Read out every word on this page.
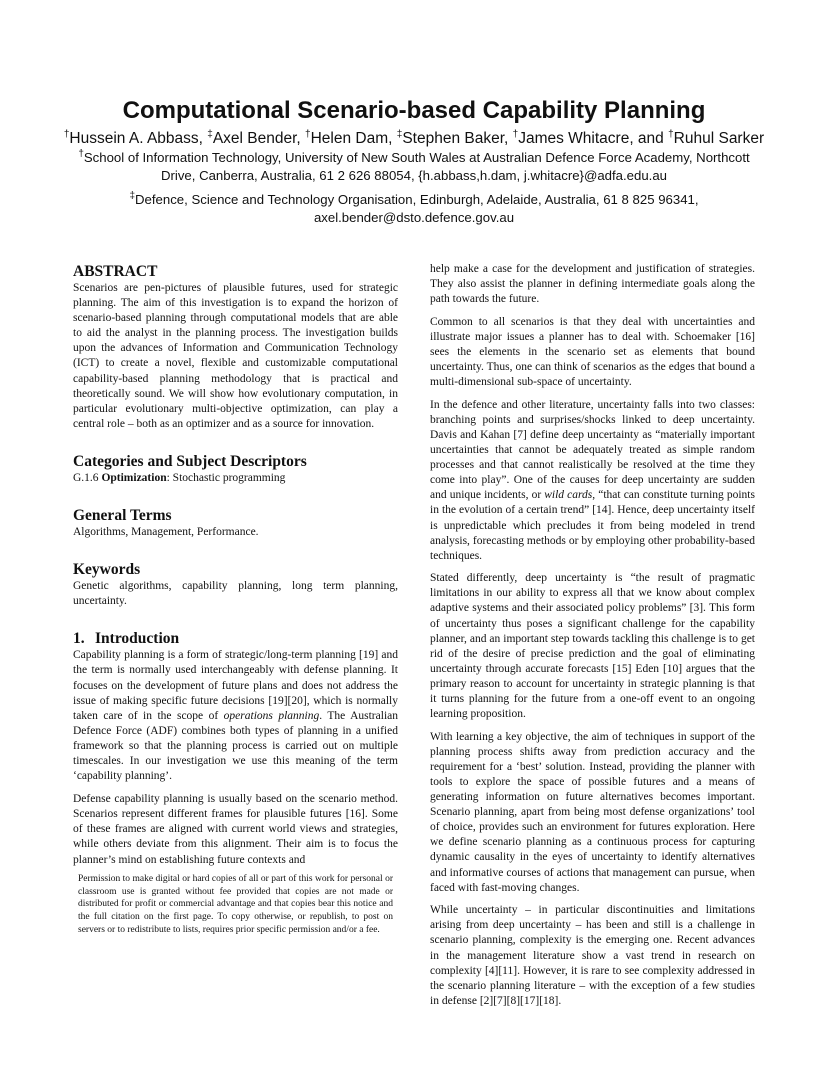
Computational Scenario-based Capability Planning
†Hussein A. Abbass, ‡Axel Bender, †Helen Dam, ‡Stephen Baker, †James Whitacre, and †Ruhul Sarker
†School of Information Technology, University of New South Wales at Australian Defence Force Academy, Northcott Drive, Canberra, Australia, 61 2 626 88054, {h.abbass,h.dam, j.whitacre}@adfa.edu.au
‡Defence, Science and Technology Organisation, Edinburgh, Adelaide, Australia, 61 8 825 96341, axel.bender@dsto.defence.gov.au
ABSTRACT

Scenarios are pen-pictures of plausible futures, used for strategic planning. The aim of this investigation is to expand the horizon of scenario-based planning through computational models that are able to aid the analyst in the planning process. The investigation builds upon the advances of Information and Communication Technology (ICT) to create a novel, flexible and customizable computational capability-based planning methodology that is practical and theoretically sound. We will show how evolutionary computation, in particular evolutionary multi-objective optimization, can play a central role – both as an optimizer and as a source for innovation.

Categories and Subject Descriptors

G.1.6 Optimization: Stochastic programming

General Terms

Algorithms, Management, Performance.

Keywords

Genetic algorithms, capability planning, long term planning, uncertainty.

1. Introduction

Capability planning is a form of strategic/long-term planning [19] and the term is normally used interchangeably with defense planning. It focuses on the development of future plans and does not address the issue of making specific future decisions [19][20], which is normally taken care of in the scope of operations planning. The Australian Defence Force (ADF) combines both types of planning in a unified framework so that the planning process is carried out on multiple timescales. In our investigation we use this meaning of the term ‘capability planning’.

Defense capability planning is usually based on the scenario method. Scenarios represent different frames for plausible futures [16]. Some of these frames are aligned with current world views and strategies, while others deviate from this alignment. Their aim is to focus the planner’s mind on establishing future contexts and

help make a case for the development and justification of strategies. They also assist the planner in defining intermediate goals along the path towards the future.

Common to all scenarios is that they deal with uncertainties and illustrate major issues a planner has to deal with. Schoemaker [16] sees the elements in the scenario set as elements that bound uncertainty. Thus, one can think of scenarios as the edges that bound a multi-dimensional sub-space of uncertainty.

In the defence and other literature, uncertainty falls into two classes: branching points and surprises/shocks linked to deep uncertainty. Davis and Kahan [7] define deep uncertainty as “materially important uncertainties that cannot be adequately treated as simple random processes and that cannot realistically be resolved at the time they come into play”. One of the causes for deep uncertainty are sudden and unique incidents, or wild cards, “that can constitute turning points in the evolution of a certain trend” [14]. Hence, deep uncertainty itself is unpredictable which precludes it from being modeled in trend analysis, forecasting methods or by employing other probability-based techniques.

Stated differently, deep uncertainty is “the result of pragmatic limitations in our ability to express all that we know about complex adaptive systems and their associated policy problems” [3]. This form of uncertainty thus poses a significant challenge for the capability planner, and an important step towards tackling this challenge is to get rid of the desire of precise prediction and the goal of eliminating uncertainty through accurate forecasts [15] Eden [10] argues that the primary reason to account for uncertainty in strategic planning is that it turns planning for the future from a one-off event to an ongoing learning proposition.

With learning a key objective, the aim of techniques in support of the planning process shifts away from prediction accuracy and the requirement for a ‘best’ solution. Instead, providing the planner with tools to explore the space of possible futures and a means of generating information on future alternatives becomes important. Scenario planning, apart from being most defense organizations’ tool of choice, provides such an environment for futures exploration. Here we define scenario planning as a continuous process for capturing dynamic causality in the eyes of uncertainty to identify alternatives and informative courses of actions that management can pursue, when faced with fast-moving changes.

While uncertainty – in particular discontinuities and limitations arising from deep uncertainty – has been and still is a challenge in scenario planning, complexity is the emerging one. Recent advances in the management literature show a vast trend in research on complexity [4][11]. However, it is rare to see complexity addressed in the scenario planning literature – with the exception of a few studies in defense [2][7][8][17][18].

Permission to make digital or hard copies of all or part of this work for personal or classroom use is granted without fee provided that copies are not made or distributed for profit or commercial advantage and that copies bear this notice and the full citation on the first page. To copy otherwise, or republish, to post on servers or to redistribute to lists, requires prior specific permission and/or a fee.
